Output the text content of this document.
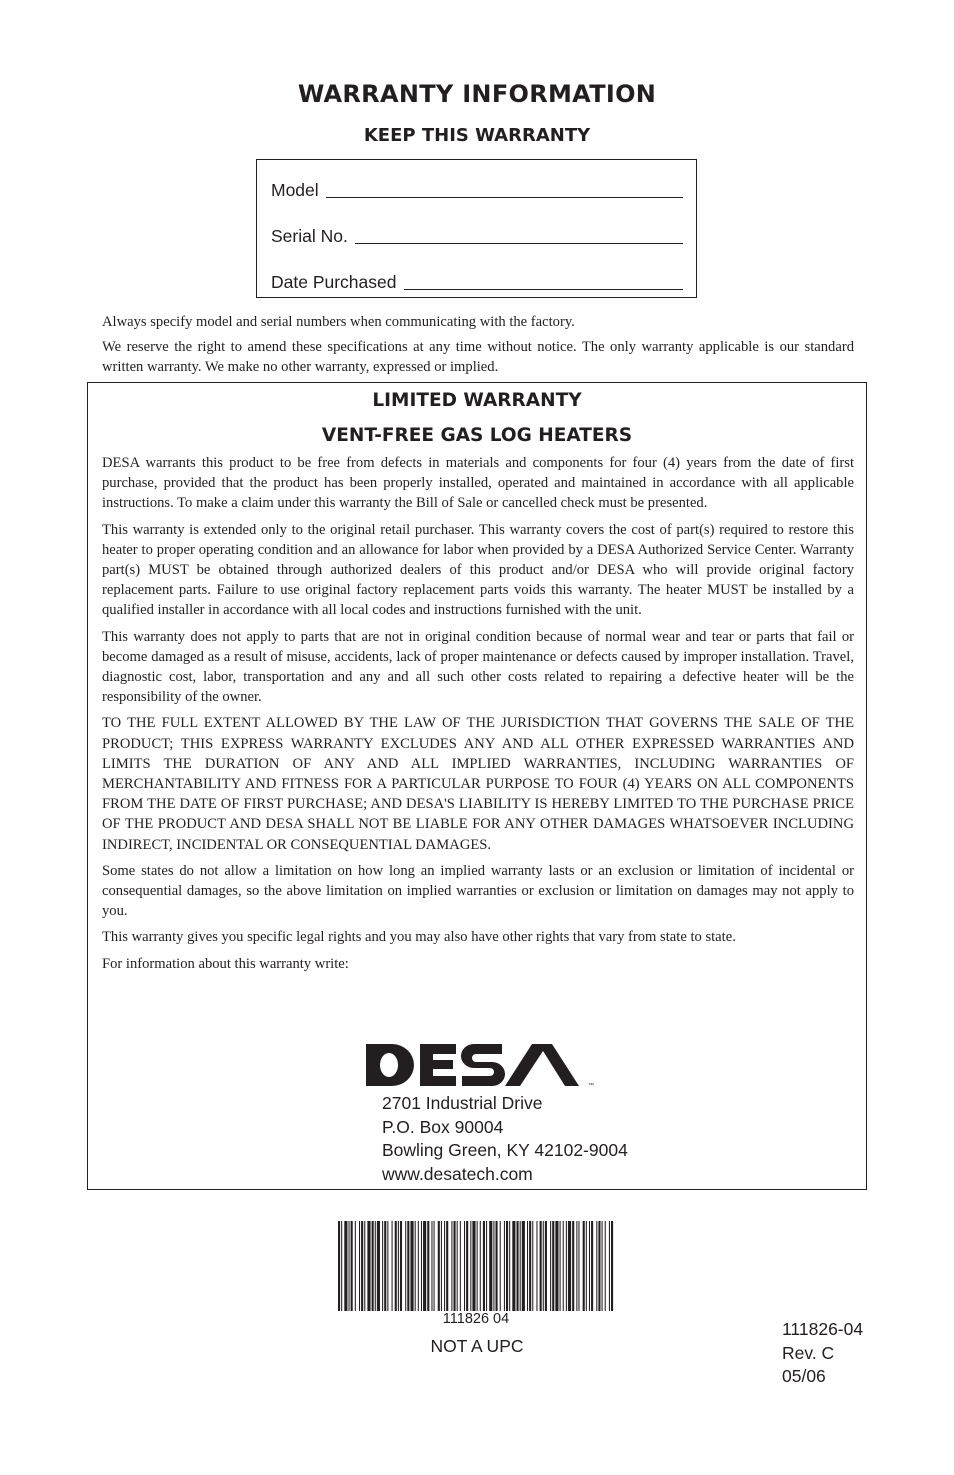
WARRANTY INFORMATION
KEEP THIS WARRANTY
Model
Serial No.
Date Purchased
Always specify model and serial numbers when communicating with the factory.
We reserve the right to amend these specifications at any time without notice. The only warranty applicable is our standard written warranty. We make no other warranty, expressed or implied.
LIMITED WARRANTY
VENT-FREE GAS LOG HEATERS

DESA warrants this product to be free from defects in materials and components for four (4) years from the date of first purchase, provided that the product has been properly installed, operated and maintained in accordance with all applicable instructions. To make a claim under this warranty the Bill of Sale or cancelled check must be presented.

This warranty is extended only to the original retail purchaser. This warranty covers the cost of part(s) required to restore this heater to proper operating condition and an allowance for labor when provided by a DESA Authorized Service Center. Warranty part(s) MUST be obtained through authorized dealers of this product and/or DESA who will provide original factory replacement parts. Failure to use original factory replacement parts voids this warranty. The heater MUST be installed by a qualified installer in accordance with all local codes and instructions furnished with the unit.

This warranty does not apply to parts that are not in original condition because of normal wear and tear or parts that fail or become damaged as a result of misuse, accidents, lack of proper maintenance or defects caused by improper installation. Travel, diagnostic cost, labor, transportation and any and all such other costs related to repairing a defective heater will be the responsibility of the owner.

TO THE FULL EXTENT ALLOWED BY THE LAW OF THE JURISDICTION THAT GOVERNS THE SALE OF THE PRODUCT; THIS EXPRESS WARRANTY EXCLUDES ANY AND ALL OTHER EXPRESSED WARRANTIES AND LIMITS THE DURATION OF ANY AND ALL IMPLIED WARRANTIES, INCLUDING WARRANTIES OF MERCHANTABILITY AND FITNESS FOR A PARTICULAR PURPOSE TO FOUR (4) YEARS ON ALL COMPONENTS FROM THE DATE OF FIRST PURCHASE; AND DESA'S LIABILITY IS HEREBY LIMITED TO THE PURCHASE PRICE OF THE PRODUCT AND DESA SHALL NOT BE LIABLE FOR ANY OTHER DAMAGES WHATSOEVER INCLUDING INDIRECT, INCIDENTAL OR CONSEQUENTIAL DAMAGES.

Some states do not allow a limitation on how long an implied warranty lasts or an exclusion or limitation of incidental or consequential damages, so the above limitation on implied warranties or exclusion or limitation on damages may not apply to you.

This warranty gives you specific legal rights and you may also have other rights that vary from state to state.

For information about this warranty write:

™
2701 Industrial Drive
P.O. Box 90004
Bowling Green, KY 42102-9004
www.desatech.com
111826 04
NOT A UPC
111826-04
Rev. C
05/06
